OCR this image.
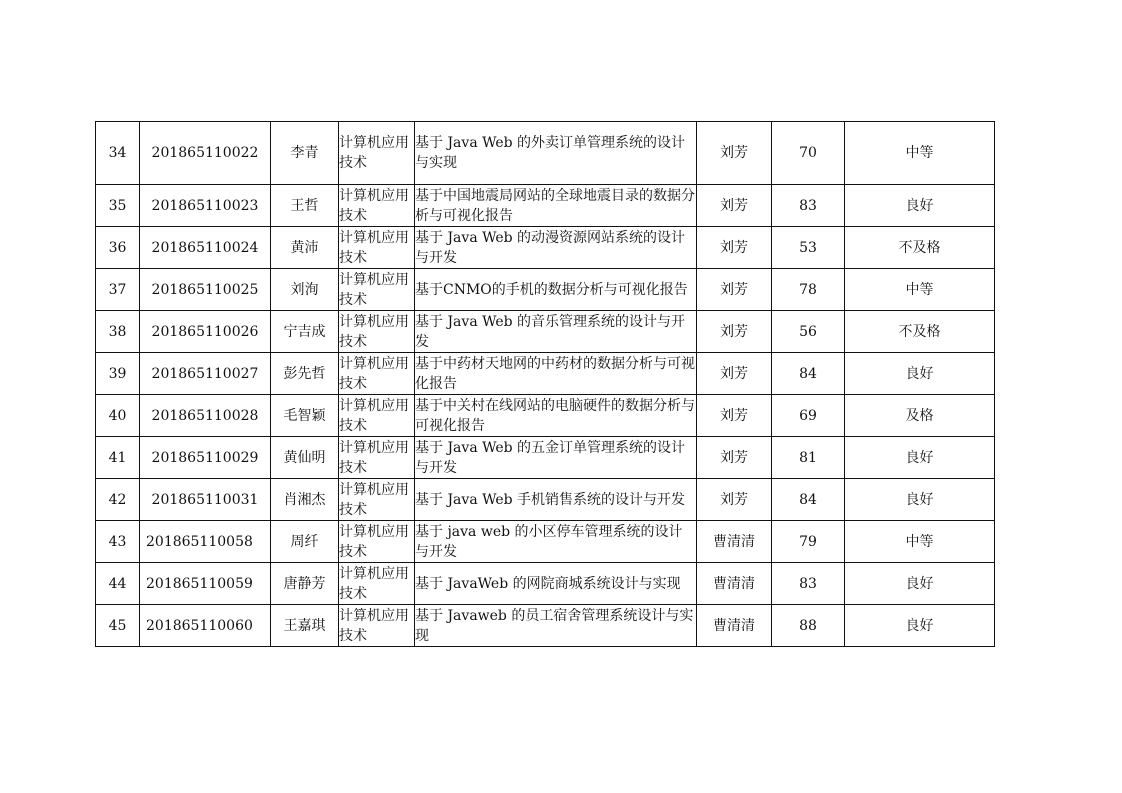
34	201865110022	李青	计算机应用技术	基于 Java Web 的外卖订单管理系统的设计与实现	刘芳	70	中等

35	201865110023	王哲	计算机应用技术	基于中国地震局网站的全球地震目录的数据分析与可视化报告	刘芳	83	良好

36	201865110024	黄沛	计算机应用技术	基于 Java Web 的动漫资源网站系统的设计与开发	刘芳	53	不及格

37	201865110025	刘洵	计算机应用技术	基于CNMO的手机的数据分析与可视化报告	刘芳	78	中等

38	201865110026	宁吉成	计算机应用技术	基于 Java Web 的音乐管理系统的设计与开发	刘芳	56	不及格

39	201865110027	彭先哲	计算机应用技术	基于中药材天地网的中药材的数据分析与可视化报告	刘芳	84	良好

40	201865110028	毛智颖	计算机应用技术	基于中关村在线网站的电脑硬件的数据分析与可视化报告	刘芳	69	及格

41	201865110029	黄仙明	计算机应用技术	基于 Java Web 的五金订单管理系统的设计与开发	刘芳	81	良好

42	201865110031	肖湘杰	计算机应用技术	基于 Java Web 手机销售系统的设计与开发	刘芳	84	良好

43	201865110058	周纤	计算机应用技术	基于 java web 的小区停车管理系统的设计与开发	曹清清	79	中等

44	201865110059	唐静芳	计算机应用技术	基于 JavaWeb 的网院商城系统设计与实现	曹清清	83	良好

45	201865110060	王嘉琪	计算机应用技术	基于 Javaweb 的员工宿舍管理系统设计与实现	曹清清	88	良好
